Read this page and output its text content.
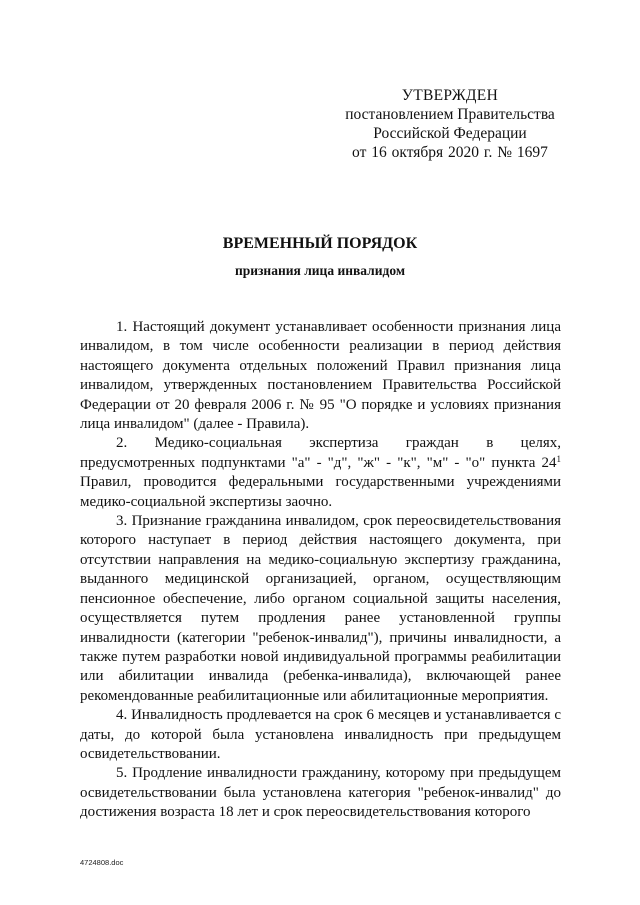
УТВЕРЖДЕН
постановлением Правительства
Российской Федерации
от 16 октября 2020 г. № 1697
ВРЕМЕННЫЙ ПОРЯДОК
признания лица инвалидом

1. Настоящий документ устанавливает особенности признания лица инвалидом, в том числе особенности реализации в период действия настоящего документа отдельных положений Правил признания лица инвалидом, утвержденных постановлением Правительства Российской Федерации от 20 февраля 2006 г. № 95 "О порядке и условиях признания лица инвалидом" (далее - Правила).

2. Медико-социальная экспертиза граждан в целях, предусмотренных подпунктами "а" - "д", "ж" - "к", "м" - "о" пункта $24^1$ Правил, проводится федеральными государственными учреждениями медико-социальной экспертизы заочно.

3. Признание гражданина инвалидом, срок переосвидетельствования которого наступает в период действия настоящего документа, при отсутствии направления на медико-социальную экспертизу гражданина, выданного медицинской организацией, органом, осуществляющим пенсионное обеспечение, либо органом социальной защиты населения, осуществляется путем продления ранее установленной группы инвалидности (категории "ребенок-инвалид"), причины инвалидности, а также путем разработки новой индивидуальной программы реабилитации или абилитации инвалида (ребенка-инвалида), включающей ранее рекомендованные реабилитационные или абилитационные мероприятия.

4. Инвалидность продлевается на срок 6 месяцев и устанавливается с даты, до которой была установлена инвалидность при предыдущем освидетельствовании.

5. Продление инвалидности гражданину, которому при предыдущем освидетельствовании была установлена категория "ребенок-инвалид" до достижения возраста 18 лет и срок переосвидетельствования которого

4724808.doc
